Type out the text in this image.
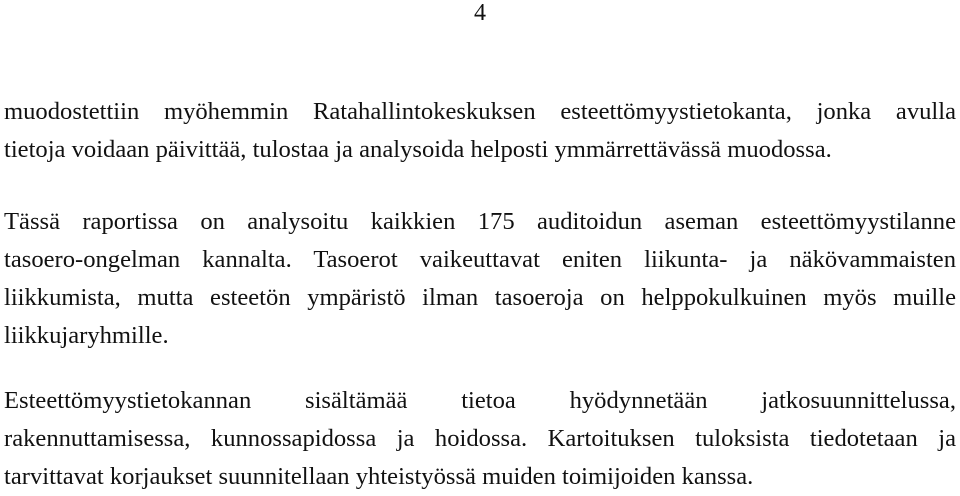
4

muodostettiin myöhemmin Ratahallintokeskuksen esteettömyystietokanta, jonka avulla
tietoja voidaan päivittää, tulostaa ja analysoida helposti ymmärrettävässä muodossa.

Tässä raportissa on analysoitu kaikkien 175 auditoidun aseman esteettömyystilanne
tasoero-ongelman kannalta. Tasoerot vaikeuttavat eniten liikunta- ja näkövammaisten
liikkumista, mutta esteetön ympäristö ilman tasoeroja on helppokulkuinen myös muille
liikkujaryhmille.

Esteettömyystietokannan sisältämää tietoa hyödynnetään jatkosuunnittelussa,
rakennuttamisessa, kunnossapidossa ja hoidossa. Kartoituksen tuloksista tiedotetaan ja
tarvittavat korjaukset suunnitellaan yhteistyössä muiden toimijoiden kanssa.
